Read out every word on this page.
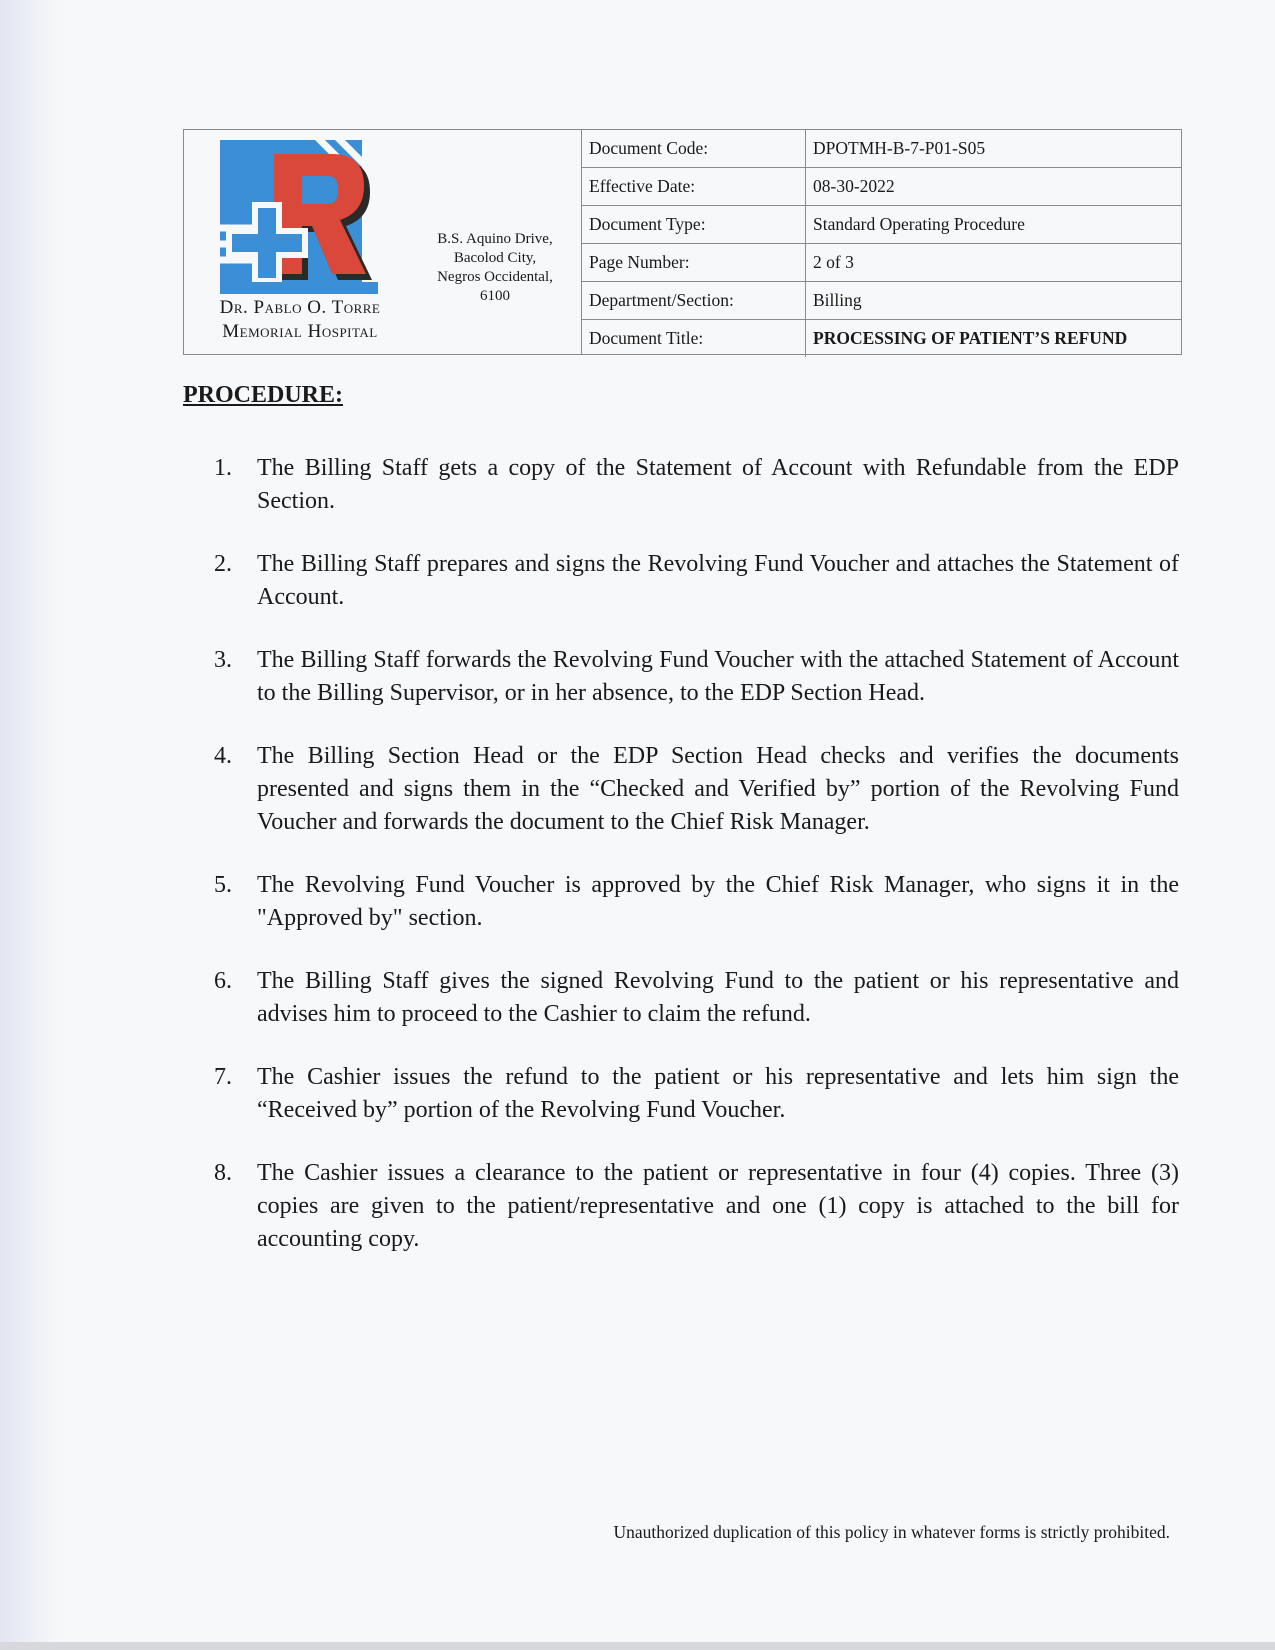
Dr. Pablo O. Torre
Memorial Hospital
B.S. Aquino Drive,
Bacolod City,
Negros Occidental,
6100
Document Code:	DPOTMH-B-7-P01-S05
Effective Date:	08-30-2022
Document Type:	Standard Operating Procedure
Page Number:	2 of 3
Department/Section:	Billing
Document Title:	PROCESSING OF PATIENT’S REFUND
PROCEDURE:
1.	The Billing Staff gets a copy of the Statement of Account with Refundable from the EDP Section.
2.	The Billing Staff prepares and signs the Revolving Fund Voucher and attaches the Statement of Account.
3.	The Billing Staff forwards the Revolving Fund Voucher with the attached Statement of Account to the Billing Supervisor, or in her absence, to the EDP Section Head.
4.	The Billing Section Head or the EDP Section Head checks and verifies the documents presented and signs them in the “Checked and Verified by” portion of the Revolving Fund Voucher and forwards the document to the Chief Risk Manager.
5.	The Revolving Fund Voucher is approved by the Chief Risk Manager, who signs it in the "Approved by" section.
6.	The Billing Staff gives the signed Revolving Fund to the patient or his representative and advises him to proceed to the Cashier to claim the refund.
7.	The Cashier issues the refund to the patient or his representative and lets him sign the “Received by” portion of the Revolving Fund Voucher.
8.	The Cashier issues a clearance to the patient or representative in four (4) copies. Three (3) copies are given to the patient/representative and one (1) copy is attached to the bill for accounting copy.
Unauthorized duplication of this policy in whatever forms is strictly prohibited.
